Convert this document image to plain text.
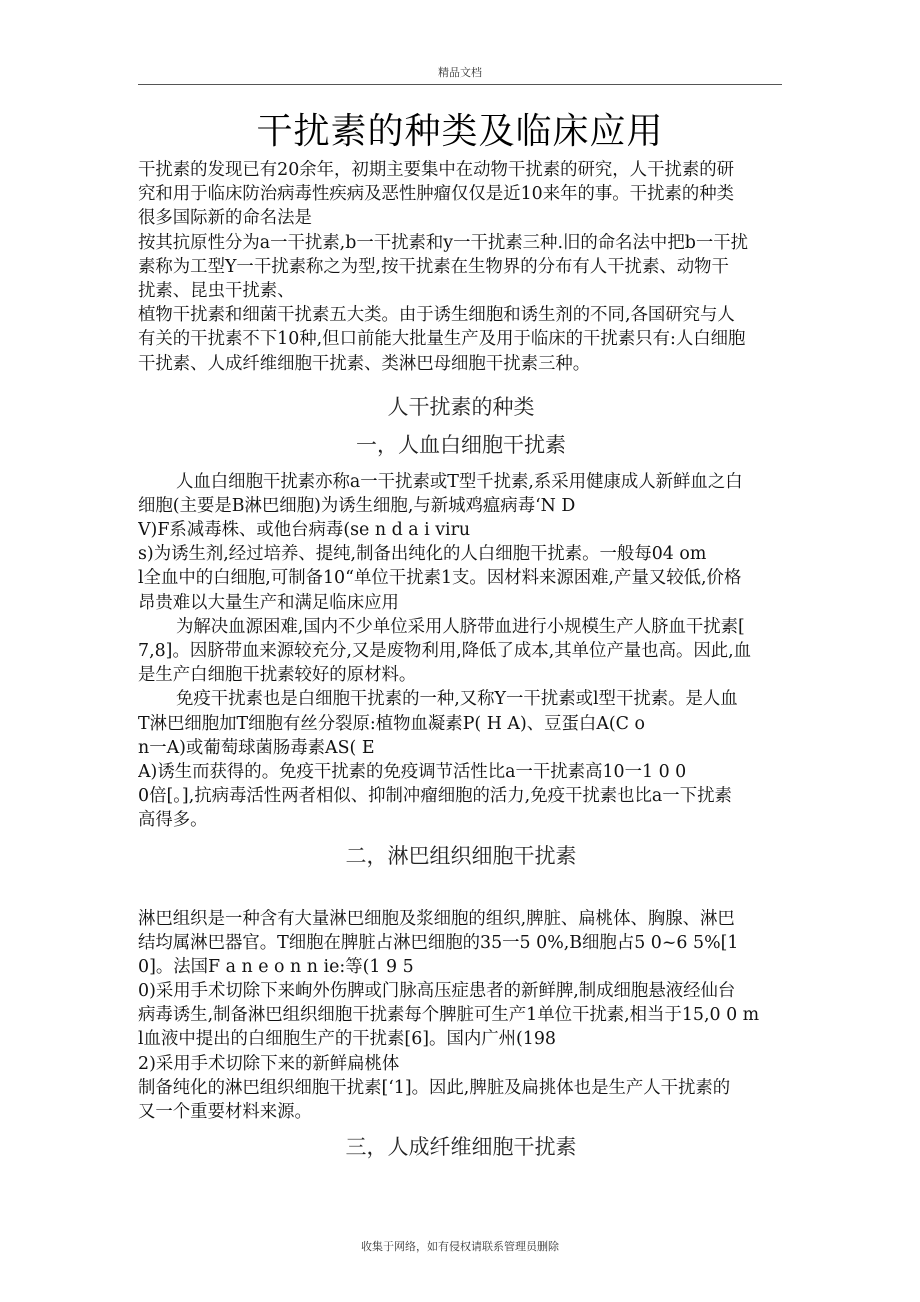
精品文档
干扰素的种类及临床应用
干扰素的发现已有20余年，初期主要集中在动物干扰素的研究，人干扰素的研
究和用于临床防治病毒性疾病及恶性肿瘤仅仅是近10来年的事。干扰素的种类
很多国际新的命名法是
按其抗原性分为a一干扰素,b一干扰素和y一干扰素三种.旧的命名法中把b一干扰
素称为工型Y一干扰素称之为型,按干扰素在生物界的分布有人干扰素、动物干
扰素、昆虫干扰素、
植物干扰素和细菌干扰素五大类。由于诱生细胞和诱生剂的不同,各国研究与人
有关的干扰素不下10种,但口前能大批量生产及用于临床的干扰素只有:人白细胞
干扰素、人成纤维细胞干扰素、类淋巴母细胞干扰素三种。
人干扰素的种类
一，人血白细胞干扰素
人血白细胞干扰素亦称a一干扰素或T型千扰素,系采用健康成人新鲜血之白
细胞(主要是B淋巴细胞)为诱生细胞,与新城鸡瘟病毒‘N D
V)F系减毒株、或他台病毒(se n d a i viru
s)为诱生剂,经过培养、提纯,制备出纯化的人白细胞干扰素。一般每04 om
l全血中的白细胞,可制备10“单位干扰素1支。因材料来源困难,产量又较低,价格
昂贵难以大量生产和满足临床应用
为解决血源困难,国内不少单位采用人脐带血进行小规模生产人脐血干扰素[
7,8]。因脐带血来源较充分,又是废物利用,降低了成本,其单位产量也高。因此,血
是生产白细胞干扰素较好的原材料。
免疫干扰素也是白细胞干扰素的一种,又称Y一干扰素或l型干扰素。是人血
T淋巴细胞加T细胞有丝分裂原:植物血凝素P( H A)、豆蛋白A(C o
n一A)或葡萄球菌肠毒素AS( E
A)诱生而获得的。免疫干扰素的免疫调节活性比a一干扰素高10一1 0 0
0倍[。],抗病毒活性两者相似、抑制冲瘤细胞的活力,免疫干扰素也比a一下扰素
高得多。
二，淋巴组织细胞干扰素
淋巴组织是一种含有大量淋巴细胞及浆细胞的组织,脾脏、扁桃体、胸腺、淋巴
结均属淋巴器官。T细胞在脾脏占淋巴细胞的35一5 0%,B细胞占5 0~6 5%[1
0]。法国F a n e o n n ie:等(1 9 5
0)采用手术切除下来峋外伤脾或门脉高压症患者的新鲜脾,制成细胞悬液经仙台
病毒诱生,制备淋巴组织细胞干扰素每个脾脏可生产1单位干扰素,相当于15,0 0 m
l血液中提出的白细胞生产的干扰素[6]。国内广州(198
2)采用手术切除下来的新鲜扁桃体
制备纯化的淋巴组织细胞干扰素[‘1]。因此,脾脏及扁挑体也是生产人干扰素的
又一个重要材料来源。
三，人成纤维细胞干扰素
收集于网络，如有侵权请联系管理员删除
